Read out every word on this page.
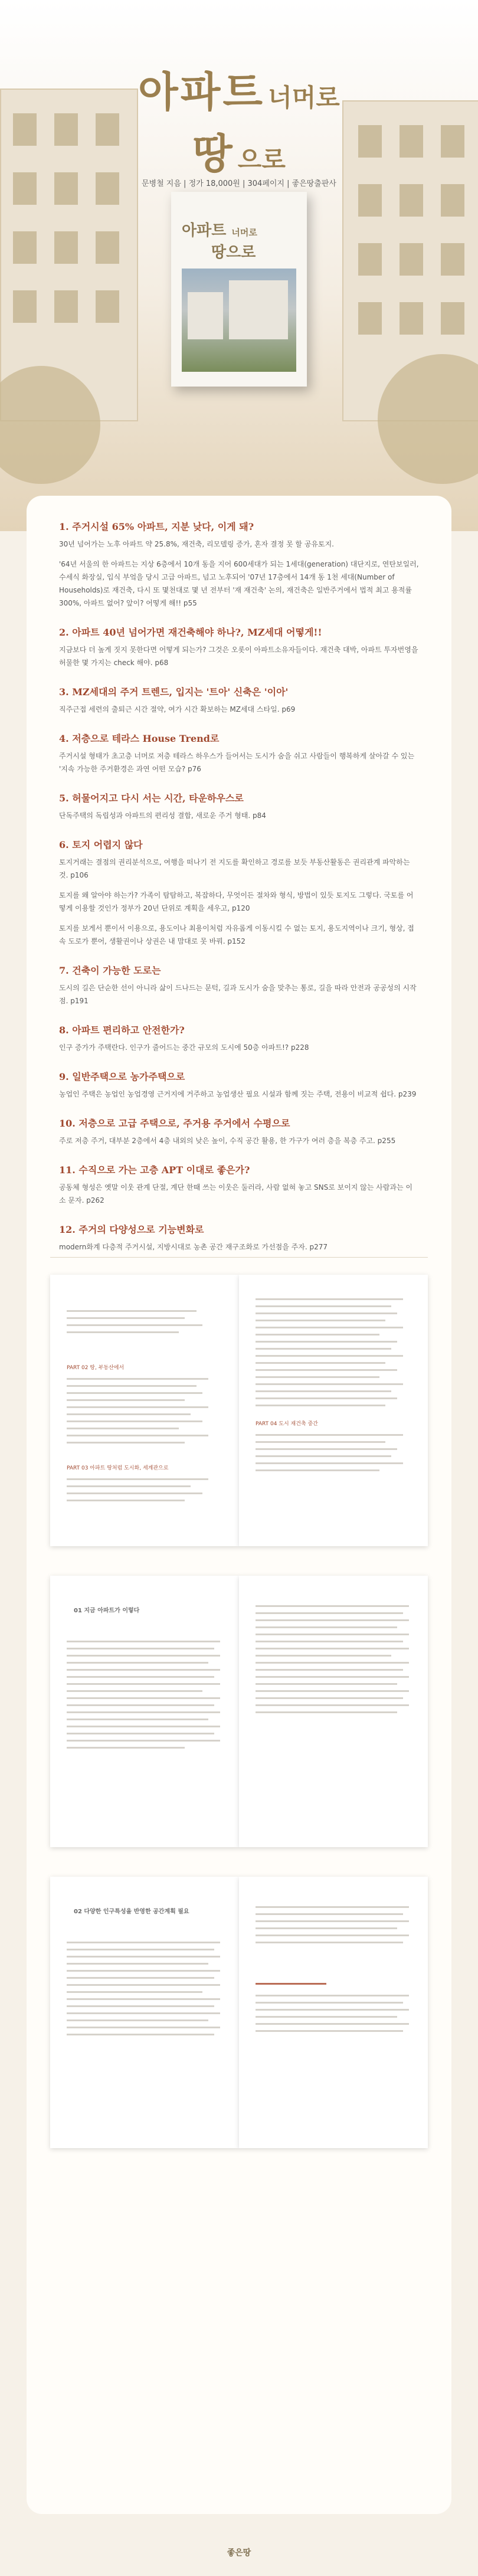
아파트 너머로
땅 으로
문병철 지음 | 정가 18,000원 | 304페이지 | 좋은땅출판사
아파트 너머로
땅으로
1. 주거시설 65% 아파트, 지분 낮다, 이게 돼?
30년 넘어가는 노후 아파트 약 25.8%, 재건축, 리모델링 증가, 혼자 결정 못 할 공유토지.
'64년 서울의 한 아파트는 지상 6층에서 10개 동을 지어 600세대가 되는 1세대(generation) 대단지로, 연탄보일러, 수세식 화장실, 입식 부엌을 당시 고급 아파트, 넘고 노후되어 '07년 17층에서 14개 동 1천 세대(Number of Households)로 재건축, 다시 또 몇천대로 몇 년 전부터 '재 재건축' 논의, 재건축은 일반주거에서 법적 최고 용적률 300%, 아파트 없어? 앞이? 어떻게 해!! p55
2. 아파트 40년 넘어가면 재건축해야 하나?, MZ세대 어떻게!!
지금보다 더 높게 짓지 못한다면 어떻게 되는가? 그것은 오롯이 아파트소유자들이다. 재건축 대박, 아파트 투자번영을 허물한 몇 가지는 check 해야. p68
3. MZ세대의 주거 트렌드, 입지는 '트아' 신축은 '이아'
직주근접 세련의 출퇴근 시간 절약, 여가 시간 확보하는 MZ세대 스타일. p69
4. 저층으로 테라스 House Trend로
주거시설 형태가 초고층 너머로 저층 테라스 하우스가 들어서는 도시가 숨을 쉬고 사람들이 행복하게 살아갈 수 있는 '지속 가능한 주거환경은 과연 어떤 모습? p76
5. 허물어지고 다시 서는 시간, 타운하우스로
단독주택의 독립성과 아파트의 편리성 결합, 새로운 주거 형태. p84
6. 토지 어렵지 않다
토지거래는 결점의 권리분석으로, 여행을 떠나기 전 지도를 확인하고 경로를 보듯 부동산활동은 권리관계 파악하는 것. p106
토지를 왜 알아야 하는가? 가족이 탐탐하고, 복잡하다, 무엇이든 절차와 형식, 방법이 있듯 토지도 그렇다. 국토를 어떻게 이용할 것인가 정부가 20년 단위로 계획을 세우고, p120
토지를 보게서 뿐이서 이용으로, 용도이나 최용이처럼 자유롭게 이동시킬 수 없는 토지, 용도지역이나 크기, 형상, 접속 도로가 뿐어, 생활권이나 상권은 내 맘대로 못 바꿔. p152
7. 건축이 가능한 도로는
도시의 길은 단순한 선이 아니라 삶이 드나드는 문턱, 길과 도시가 숨을 맞추는 통로, 길을 따라 안전과 공공성의 시작 점. p191
8. 아파트 편리하고 안전한가?
인구 증가가 주택란다. 인구가 줄어드는 중간 규모의 도시에 50층 아파트!? p228
9. 일반주택으로 농가주택으로
농업인 주택은 농업인 농업경영 근거지에 거주하고 농업생산 필요 시설과 함께 짓는 주택, 전용이 비교적 쉽다. p239
10. 저층으로 고급 주택으로, 주거용 주거에서 수평으로
주로 저층 주거, 대부분 2층에서 4층 내외의 낮은 높이, 수직 공간 활용, 한 가구가 여러 층을 복층 주고. p255
11. 수직으로 가는 고층 APT 이대로 좋은가?
공동체 형성은 옛말 이웃 관계 단절, 계단 한때 쓰는 이웃은 둘러라, 사람 없혀 놓고 SNS로 보이지 않는 사람과는 이소 문자. p262
12. 주거의 다양성으로 기능변화로
modern화계 다층적 주거시설, 지방시대로 농촌 공간 재구조화로 가선점을 주자. p277
PART 02 땅, 부동산에서
PART 03 아파트 땅처럼 도시화, 세계관으로
PART 04 도시 재건축 중간
01 지금 아파트가 이렇다
02 다양한 인구특성을 반영한 공간계획 필요
좋은땅
